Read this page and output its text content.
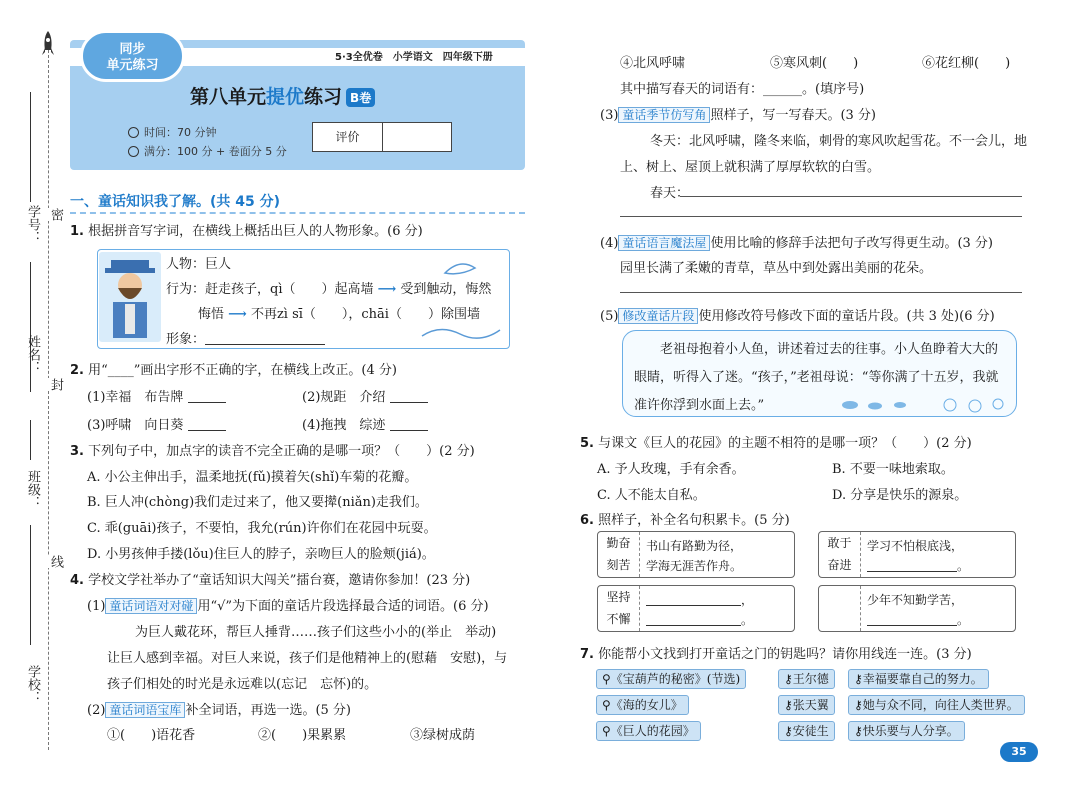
密
封
线
学号：
姓名：
班级：
学校：
同步
单元练习
5·3全优卷　小学语文　四年级下册
第八单元提优练习 B卷
时间：70 分钟
满分：100 分 + 卷面分 5 分
评价
一、童话知识我了解。(共 45 分)
1. 根据拼音写字词，在横线上概括出巨人的人物形象。(6 分)
人物：巨人
行为：赶走孩子，qì（　　）起高墙 ⟶ 受到触动，悔然
悔悟 ⟶ 不再zì sī（　　），chāi（　　）除围墙
形象：
2. 用“____”画出字形不正确的字，在横线上改正。(4 分)
(1)幸福　布告牌	(2)规距　介绍
(3)呼啸　向日葵	(4)拖拽　综迹
3. 下列句子中，加点字的读音不完全正确的是哪一项？（　　）(2 分)
A. 小公主伸出手，温柔地抚(fǔ)摸着矢(shǐ)车菊的花瓣。
B. 巨人冲(chòng)我们走过来了，他又要撵(niǎn)走我们。
C. 乖(guāi)孩子，不要怕，我允(rún)许你们在花园中玩耍。
D. 小男孩伸手搂(lǒu)住巨人的脖子，亲吻巨人的脸颊(jiá)。
4. 学校文学社举办了“童话知识大闯关”擂台赛，邀请你参加！(23 分)
(1) 童话词语对对碰 用“√”为下面的童话片段选择最合适的词语。(6 分)
为巨人戴花环，帮巨人捶背……孩子们这些小小的(举止　举动)
让巨人感到幸福。对巨人来说，孩子们是他精神上的(慰藉　安慰)，与
孩子们相处的时光是永远难以(忘记　忘怀)的。
(2) 童话词语宝库 补全词语，再选一选。(5 分)
①(　　)语花香	②(　　)果累累	③绿树成荫
④北风呼啸	⑤寒风刺(　　)	⑥花红柳(　　)
其中描写春天的词语有：______。(填序号)
(3) 童话季节仿写角 照样子，写一写春天。(3 分)
冬天：北风呼啸，隆冬来临，刺骨的寒风吹起雪花。不一会儿，地
上、树上、屋顶上就积满了厚厚软软的白雪。
春天：
(4) 童话语言魔法屋 使用比喻的修辞手法把句子改写得更生动。(3 分)
园里长满了柔嫩的青草，草丛中到处露出美丽的花朵。
(5) 修改童话片段 使用修改符号修改下面的童话片段。(共 3 处)(6 分)
老祖母抱着小人鱼，讲述着过去的往事。小人鱼睁着大大的
眼睛，听得入了迷。“孩子，”老祖母说：“等你满了十五岁，我就
准许你浮到水面上去。”
5. 与课文《巨人的花园》的主题不相符的是哪一项？（　　）(2 分)
A. 予人玫瑰，手有余香。	B. 不要一味地索取。
C. 人不能太自私。	D. 分享是快乐的源泉。
6. 照样子，补全名句积累卡。(5 分)
勤奋
刻苦
书山有路勤为径，
学海无涯苦作舟。
敢于
奋进
学习不怕根底浅，
。
坚持
不懈
，
。
少年不知勤学苦，
。
7. 你能帮小文找到打开童话之门的钥匙吗？请你用线连一连。(3 分)
⚲《宝葫芦的秘密》(节选)
⚲《海的女儿》
⚲《巨人的花园》
⚷王尔德
⚷张天翼
⚷安徒生
⚷幸福要靠自己的努力。
⚷她与众不同，向往人类世界。
⚷快乐要与人分享。
35
